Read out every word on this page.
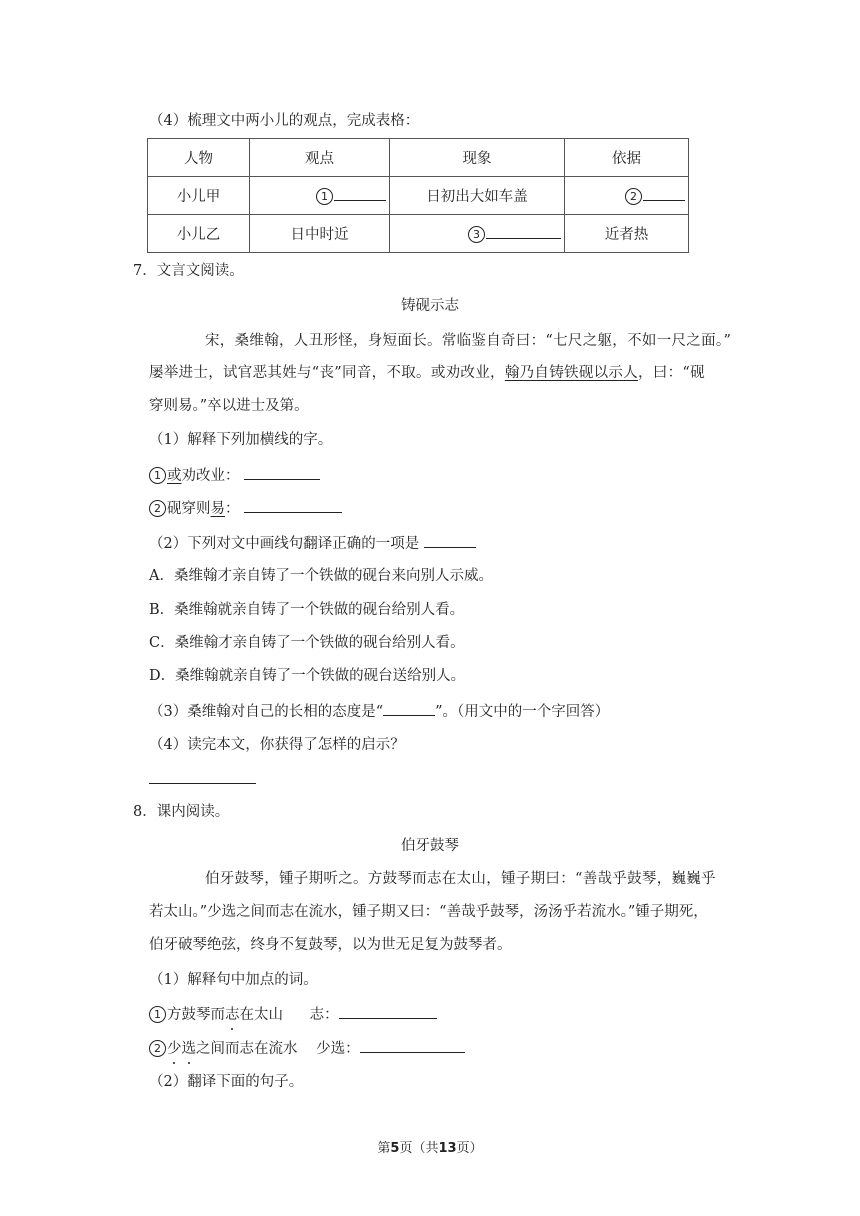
（4）梳理文中两小儿的观点，完成表格：
人物	观点	现象	依据
小儿甲	1	日初出大如车盖	2
小儿乙	日中时近	3	近者热
7．文言文阅读。
铸砚示志
宋，桑维翰，人丑形怪，身短面长。常临鉴自奇曰：“七尺之躯，不如一尺之面。”
屡举进士，试官恶其姓与“丧”同音，不取。或劝改业，翰乃自铸铁砚以示人，曰：“砚
穿则易。”卒以进士及第。
（1）解释下列加横线的字。
1 或劝改业：
2 砚穿则易：
（2）下列对文中画线句翻译正确的一项是
A．桑维翰才亲自铸了一个铁做的砚台来向别人示威。
B．桑维翰就亲自铸了一个铁做的砚台给别人看。
C．桑维翰才亲自铸了一个铁做的砚台给别人看。
D．桑维翰就亲自铸了一个铁做的砚台送给别人。
（3）桑维翰对自己的长相的态度是“	”。（用文中的一个字回答）
（4）读完本文，你获得了怎样的启示？
8．课内阅读。
伯牙鼓琴
伯牙鼓琴，锺子期听之。方鼓琴而志在太山，锺子期曰：“善哉乎鼓琴，巍巍乎
若太山。”少选之间而志在流水，锺子期又曰：“善哉乎鼓琴，汤汤乎若流水。”锺子期死，
伯牙破琴绝弦，终身不复鼓琴，以为世无足复为鼓琴者。
（1）解释句中加点的词。
1 方鼓琴而志在太山 志：
2 少选之间而志在流水 少选：
（2）翻译下面的句子。
第5页（共13页）
